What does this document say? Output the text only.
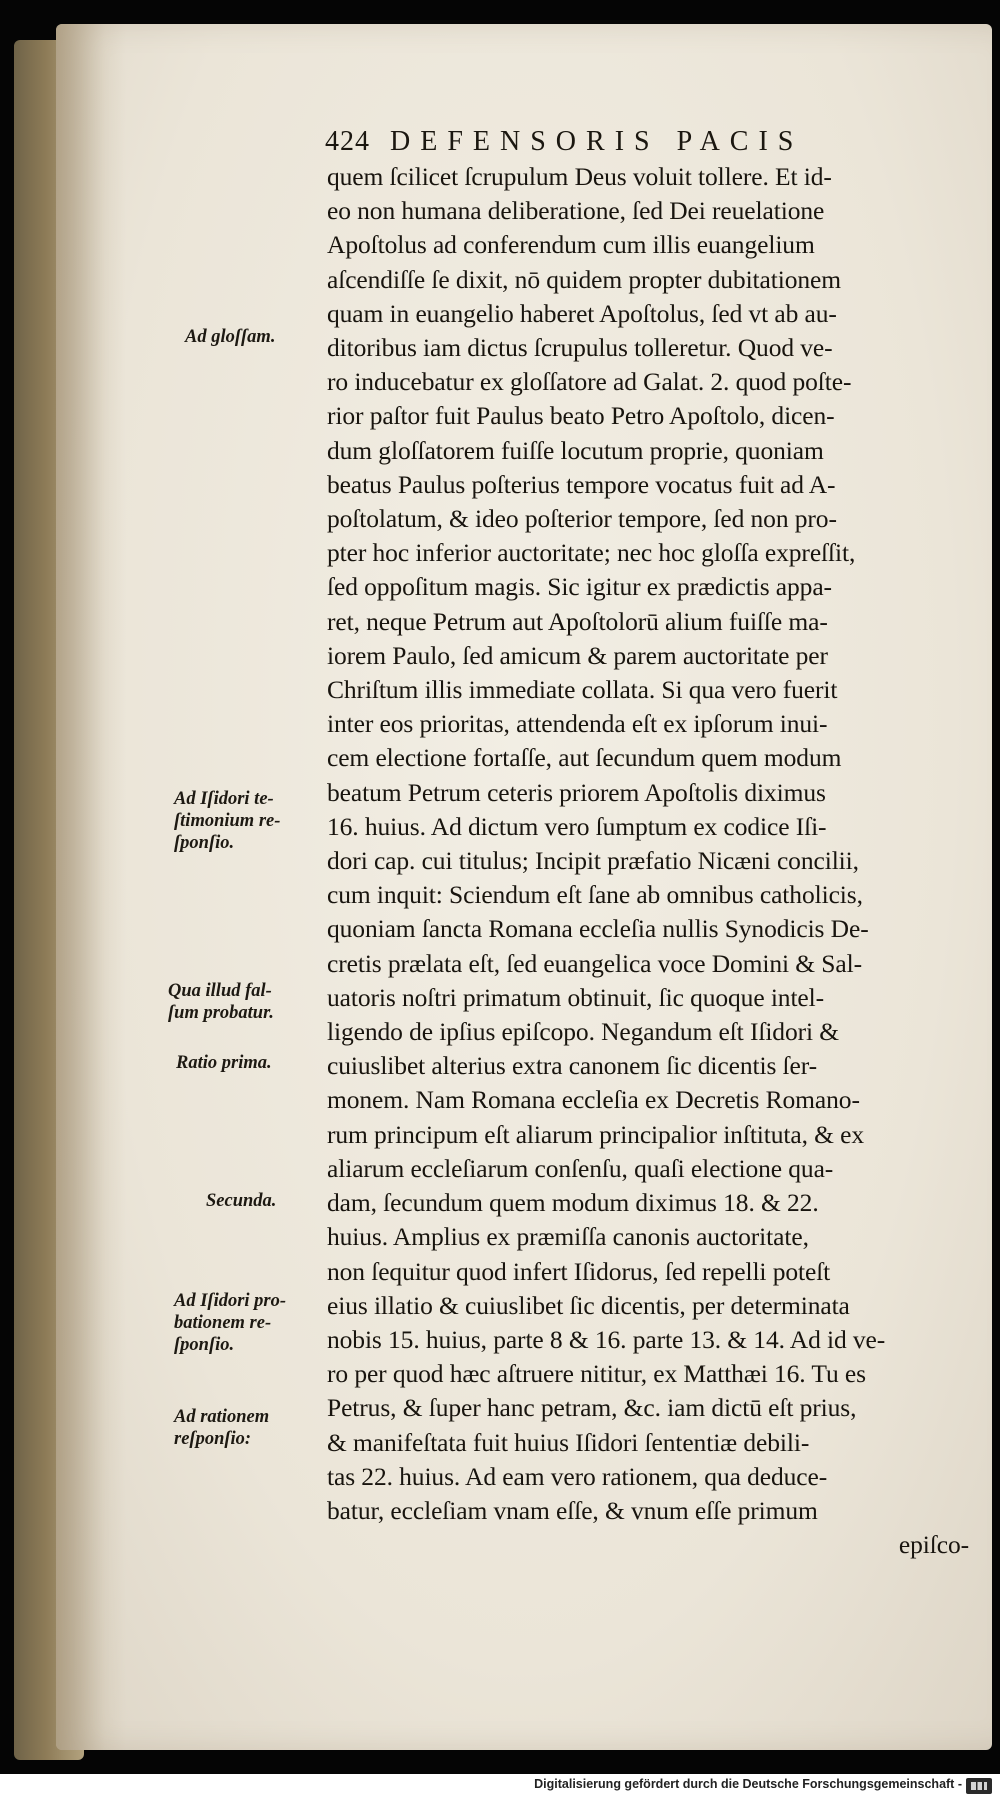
424 DEFENSORIS PACIS
quem ſcilicet ſcrupulum Deus voluit tollere. Et id-
eo non humana deliberatione, ſed Dei reuelatione
Apoſtolus ad conferendum cum illis euangelium
aſcendiſſe ſe dixit, nō quidem propter dubitationem
quam in euangelio haberet Apoſtolus, ſed vt ab au-
ditoribus iam dictus ſcrupulus tolleretur. Quod ve-
ro inducebatur ex gloſſatore ad Galat. 2. quod poſte-
rior paſtor fuit Paulus beato Petro Apoſtolo, dicen-
dum gloſſatorem fuiſſe locutum proprie, quoniam
beatus Paulus poſterius tempore vocatus fuit ad A-
poſtolatum, & ideo poſterior tempore, ſed non pro-
pter hoc inferior auctoritate; nec hoc gloſſa expreſſit,
ſed oppoſitum magis. Sic igitur ex prædictis appa-
ret, neque Petrum aut Apoſtolorū alium fuiſſe ma-
iorem Paulo, ſed amicum & parem auctoritate per
Chriſtum illis immediate collata. Si qua vero fuerit
inter eos prioritas, attendenda eſt ex ipſorum inui-
cem electione fortaſſe, aut ſecundum quem modum
beatum Petrum ceteris priorem Apoſtolis diximus
16. huius. Ad dictum vero ſumptum ex codice Iſi-
dori cap. cui titulus; Incipit præfatio Nicæni concilii,
cum inquit: Sciendum eſt ſane ab omnibus catholicis,
quoniam ſancta Romana eccleſia nullis Synodicis De-
cretis prælata eſt, ſed euangelica voce Domini & Sal-
uatoris noſtri primatum obtinuit, ſic quoque intel-
ligendo de ipſius epiſcopo. Negandum eſt Iſidori &
cuiuslibet alterius extra canonem ſic dicentis ſer-
monem. Nam Romana eccleſia ex Decretis Romano-
rum principum eſt aliarum principalior inſtituta, & ex
aliarum eccleſiarum conſenſu, quaſi electione qua-
dam, ſecundum quem modum diximus 18. & 22.
huius. Amplius ex præmiſſa canonis auctoritate,
non ſequitur quod infert Iſidorus, ſed repelli poteſt
eius illatio & cuiuslibet ſic dicentis, per determinata
nobis 15. huius, parte 8 & 16. parte 13. & 14. Ad id ve-
ro per quod hæc aſtruere nititur, ex Matthæi 16. Tu es
Petrus, & ſuper hanc petram, &c. iam dictū eſt prius,
& manifeſtata fuit huius Iſidori ſententiæ debili-
tas 22. huius. Ad eam vero rationem, qua deduce-
batur, eccleſiam vnam eſſe, & vnum eſſe primum
epiſco-
Ad gloſſam.
Ad Iſidori te-
ſtimonium re-
ſponſio.
Qua illud fal-
ſum probatur.
Ratio prima.
Secunda.
Ad Iſidori pro-
bationem re-
ſponſio.
Ad rationem
reſponſio:
Digitalisierung gefördert durch die Deutsche Forschungsgemeinschaft -
